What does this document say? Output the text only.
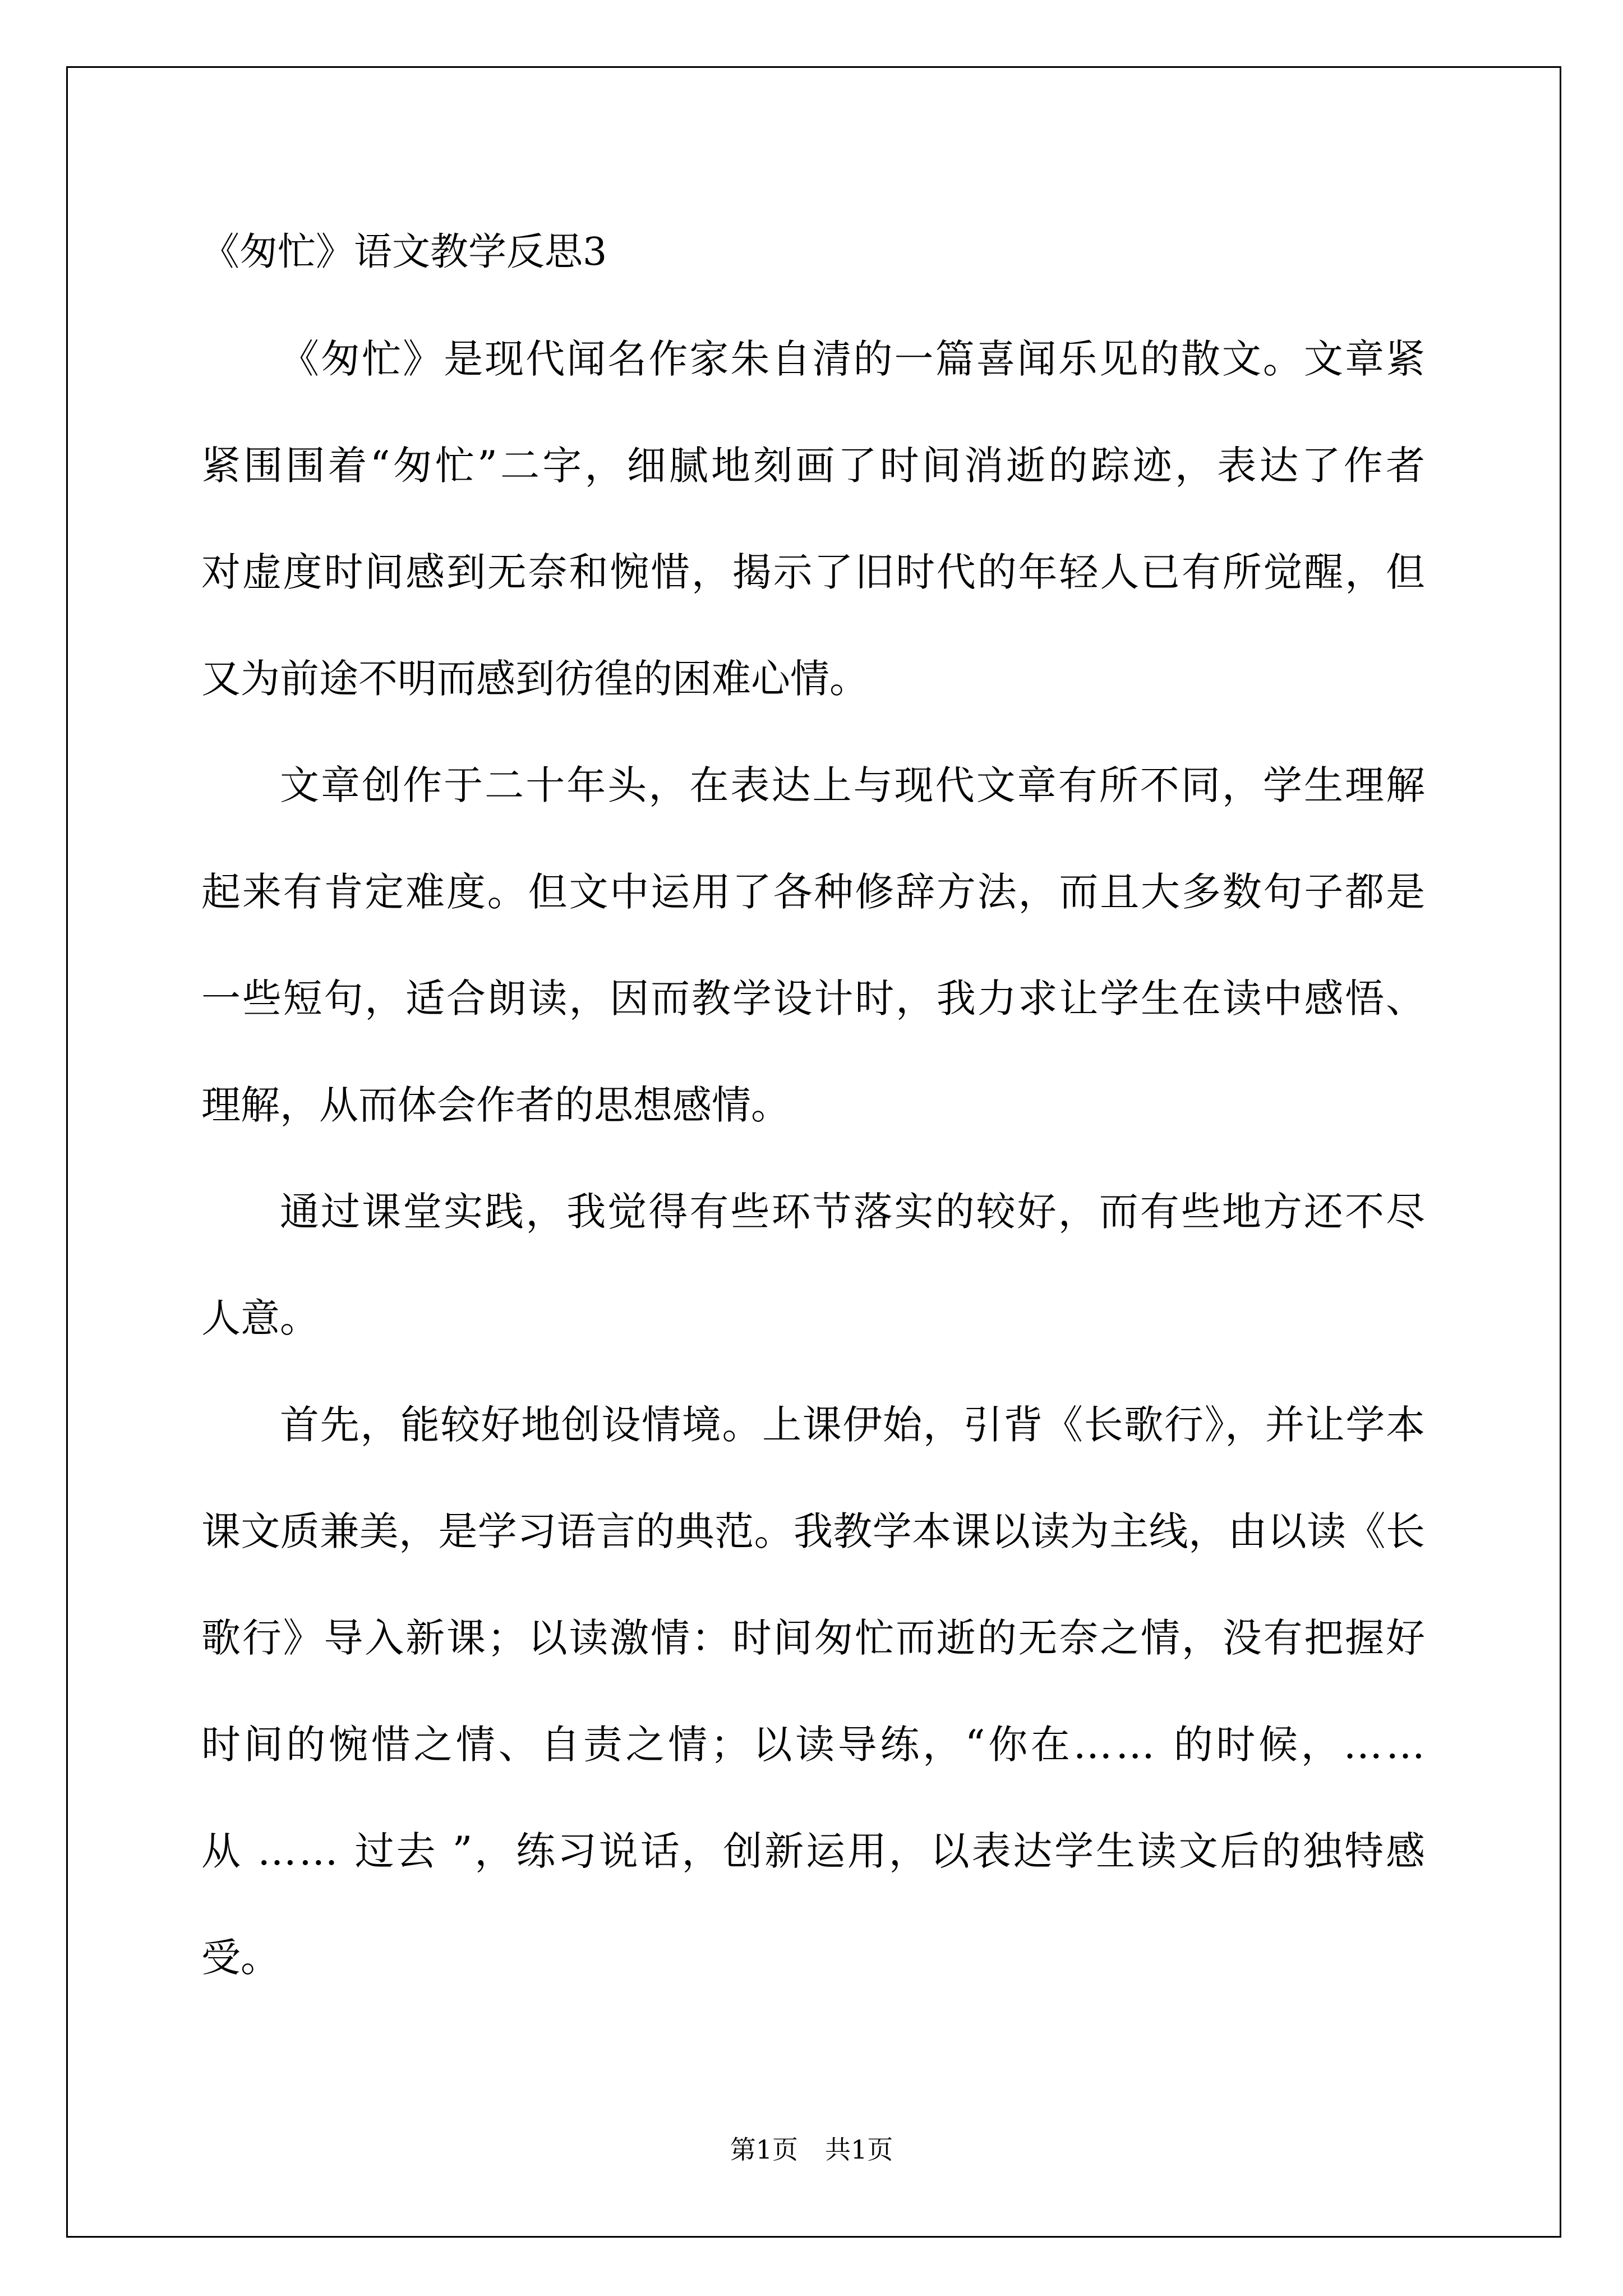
《匆忙》语文教学反思3
《匆忙》是现代闻名作家朱自清的一篇喜闻乐见的散文。文章紧
紧围围着“匆忙”二字，细腻地刻画了时间消逝的踪迹，表达了作者
对虚度时间感到无奈和惋惜，揭示了旧时代的年轻人已有所觉醒，但
又为前途不明而感到彷徨的困难心情。
文章创作于二十年头，在表达上与现代文章有所不同，学生理解
起来有肯定难度。但文中运用了各种修辞方法，而且大多数句子都是
一些短句，适合朗读，因而教学设计时，我力求让学生在读中感悟、
理解，从而体会作者的思想感情。
通过课堂实践，我觉得有些环节落实的较好，而有些地方还不尽
人意。
首先，能较好地创设情境。上课伊始，引背《长歌行》，并让学本
课文质兼美，是学习语言的典范。我教学本课以读为主线，由以读《长
歌行》导入新课；以读激情：时间匆忙而逝的无奈之情，没有把握好
时间的惋惜之情、自责之情；以读导练，“你在…… 的时候，……
从 …… 过去 ”，练习说话，创新运用，以表达学生读文后的独特感
受。
第1页 共1页
